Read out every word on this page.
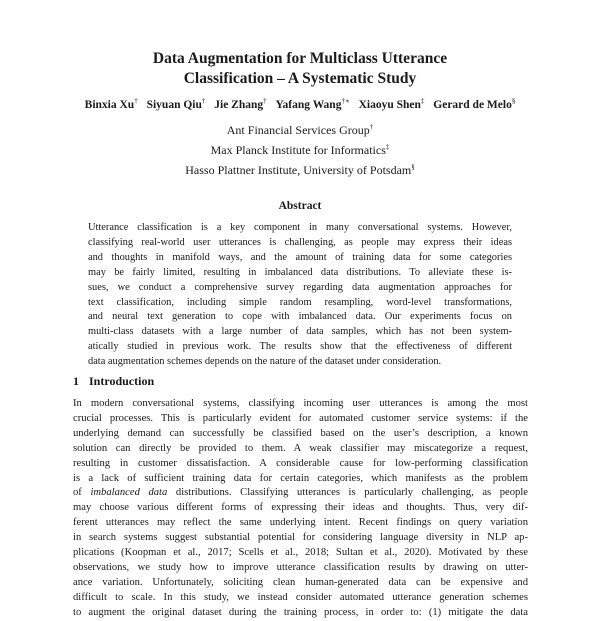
Data Augmentation for Multiclass Utterance
Classification – A Systematic Study
Binxia Xu† Siyuan Qiu† Jie Zhang† Yafang Wang†∗ Xiaoyu Shen‡ Gerard de Melo§
Ant Financial Services Group†
Max Planck Institute for Informatics‡
Hasso Plattner Institute, University of Potsdam§
Abstract
Utterance classification is a key component in many conversational systems. However,
classifying real-world user utterances is challenging, as people may express their ideas
and thoughts in manifold ways, and the amount of training data for some categories
may be fairly limited, resulting in imbalanced data distributions. To alleviate these is-
sues, we conduct a comprehensive survey regarding data augmentation approaches for
text classification, including simple random resampling, word-level transformations,
and neural text generation to cope with imbalanced data. Our experiments focus on
multi-class datasets with a large number of data samples, which has not been system-
atically studied in previous work. The results show that the effectiveness of different
data augmentation schemes depends on the nature of the dataset under consideration.
1 Introduction
In modern conversational systems, classifying incoming user utterances is among the most
crucial processes. This is particularly evident for automated customer service systems: if the
underlying demand can successfully be classified based on the user’s description, a known
solution can directly be provided to them. A weak classifier may miscategorize a request,
resulting in customer dissatisfaction. A considerable cause for low-performing classification
is a lack of sufficient training data for certain categories, which manifests as the problem
of imbalanced data distributions. Classifying utterances is particularly challenging, as people
may choose various different forms of expressing their ideas and thoughts. Thus, very dif-
ferent utterances may reflect the same underlying intent. Recent findings on query variation
in search systems suggest substantial potential for considering language diversity in NLP ap-
plications (Koopman et al., 2017; Scells et al., 2018; Sultan et al., 2020). Motivated by these
observations, we study how to improve utterance classification results by drawing on utter-
ance variation. Unfortunately, soliciting clean human-generated data can be expensive and
difficult to scale. In this study, we instead consider automated utterance generation schemes
to augment the original dataset during the training process, in order to: (1) mitigate the data
